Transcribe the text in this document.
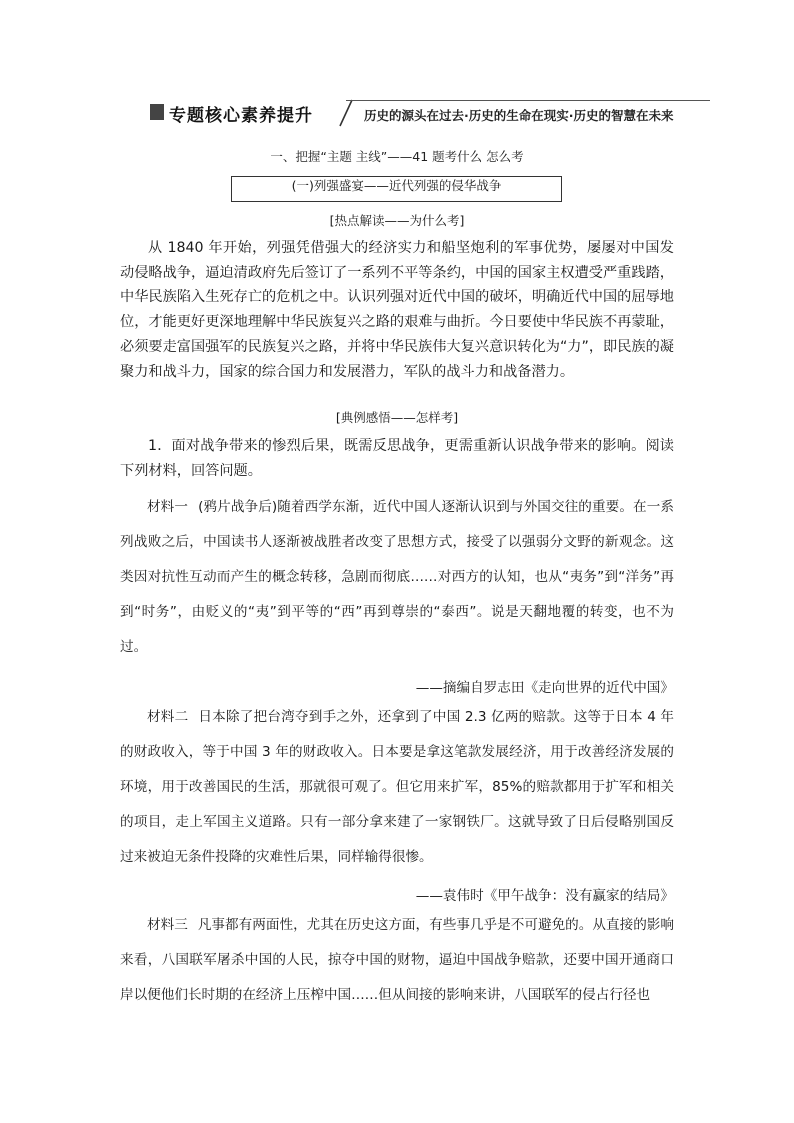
专题核心素养提升	历史的源头在过去·历史的生命在现实·历史的智慧在未来
一、把握“主题 主线”——41 题考什么 怎么考
(一)列强盛宴——近代列强的侵华战争
[热点解读——为什么考]

从 1840 年开始，列强凭借强大的经济实力和船坚炮利的军事优势，屡屡对中国发动侵略战争，逼迫清政府先后签订了一系列不平等条约，中国的国家主权遭受严重践踏，中华民族陷入生死存亡的危机之中。认识列强对近代中国的破坏，明确近代中国的屈辱地位，才能更好更深地理解中华民族复兴之路的艰难与曲折。今日要使中华民族不再蒙耻，必须要走富国强军的民族复兴之路，并将中华民族伟大复兴意识转化为“力”，即民族的凝聚力和战斗力，国家的综合国力和发展潜力，军队的战斗力和战备潜力。

[典例感悟——怎样考]

1．面对战争带来的惨烈后果，既需反思战争，更需重新认识战争带来的影响。阅读下列材料，回答问题。

材料一 (鸦片战争后)随着西学东渐，近代中国人逐渐认识到与外国交往的重要。在一系列战败之后，中国读书人逐渐被战胜者改变了思想方式，接受了以强弱分文野的新观念。这类因对抗性互动而产生的概念转移，急剧而彻底……对西方的认知，也从“夷务”到“洋务”再到“时务”，由贬义的“夷”到平等的“西”再到尊崇的“泰西”。说是天翻地覆的转变，也不为过。

——摘编自罗志田《走向世界的近代中国》

材料二 日本除了把台湾夺到手之外，还拿到了中国 2.3 亿两的赔款。这等于日本 4 年的财政收入，等于中国 3 年的财政收入。日本要是拿这笔款发展经济，用于改善经济发展的环境，用于改善国民的生活，那就很可观了。但它用来扩军，85%的赔款都用于扩军和相关的项目，走上军国主义道路。只有一部分拿来建了一家钢铁厂。这就导致了日后侵略别国反过来被迫无条件投降的灾难性后果，同样输得很惨。

——袁伟时《甲午战争：没有赢家的结局》

材料三 凡事都有两面性，尤其在历史这方面，有些事几乎是不可避免的。从直接的影响来看，八国联军屠杀中国的人民，掠夺中国的财物，逼迫中国战争赔款，还要中国开通商口岸以便他们长时期的在经济上压榨中国……但从间接的影响来讲，八国联军的侵占行径也
